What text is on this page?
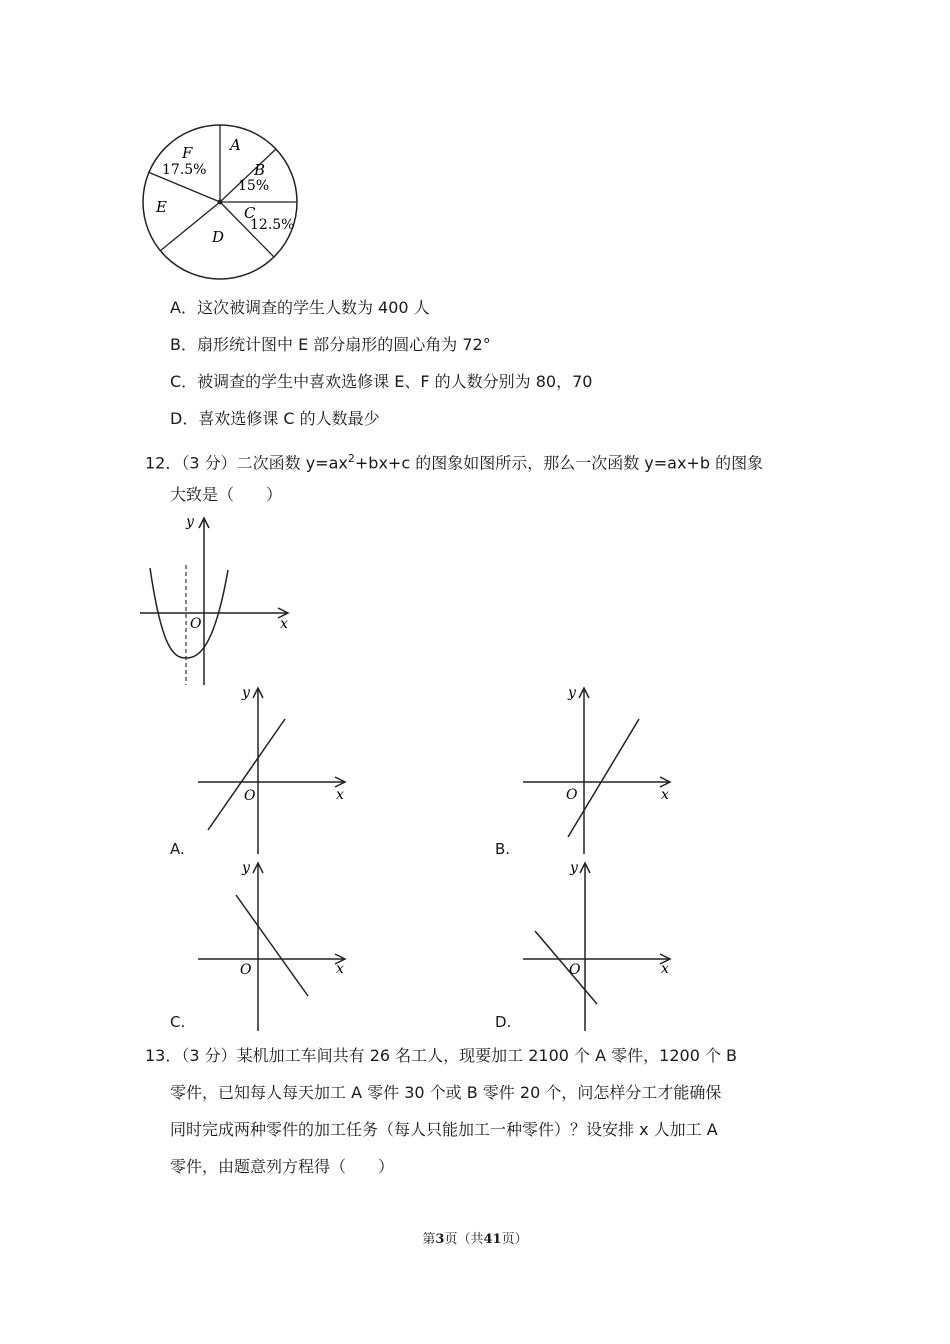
A
B
15%
C
12.5%
D
E
F
17.5%
A．这次被调查的学生人数为 400 人
B．扇形统计图中 E 部分扇形的圆心角为 72°
C．被调查的学生中喜欢选修课 E、F 的人数分别为 80，70
D．喜欢选修课 C 的人数最少
12．（3 分）二次函数 $y=ax^2+bx+c$ 的图象如图所示，那么一次函数 y=ax+b 的图象
大致是（　　）
O	x
y
O	x
y
A.
O	x
y
B.
O	x
y
C.
O	x
y
D.
13．（3 分）某机加工车间共有 26 名工人，现要加工 2100 个 A 零件，1200 个 B
零件，已知每人每天加工 A 零件 30 个或 B 零件 20 个，问怎样分工才能确保
同时完成两种零件的加工任务（每人只能加工一种零件）？设安排 x 人加工 A
零件，由题意列方程得（　　）
第3页（共41页）
